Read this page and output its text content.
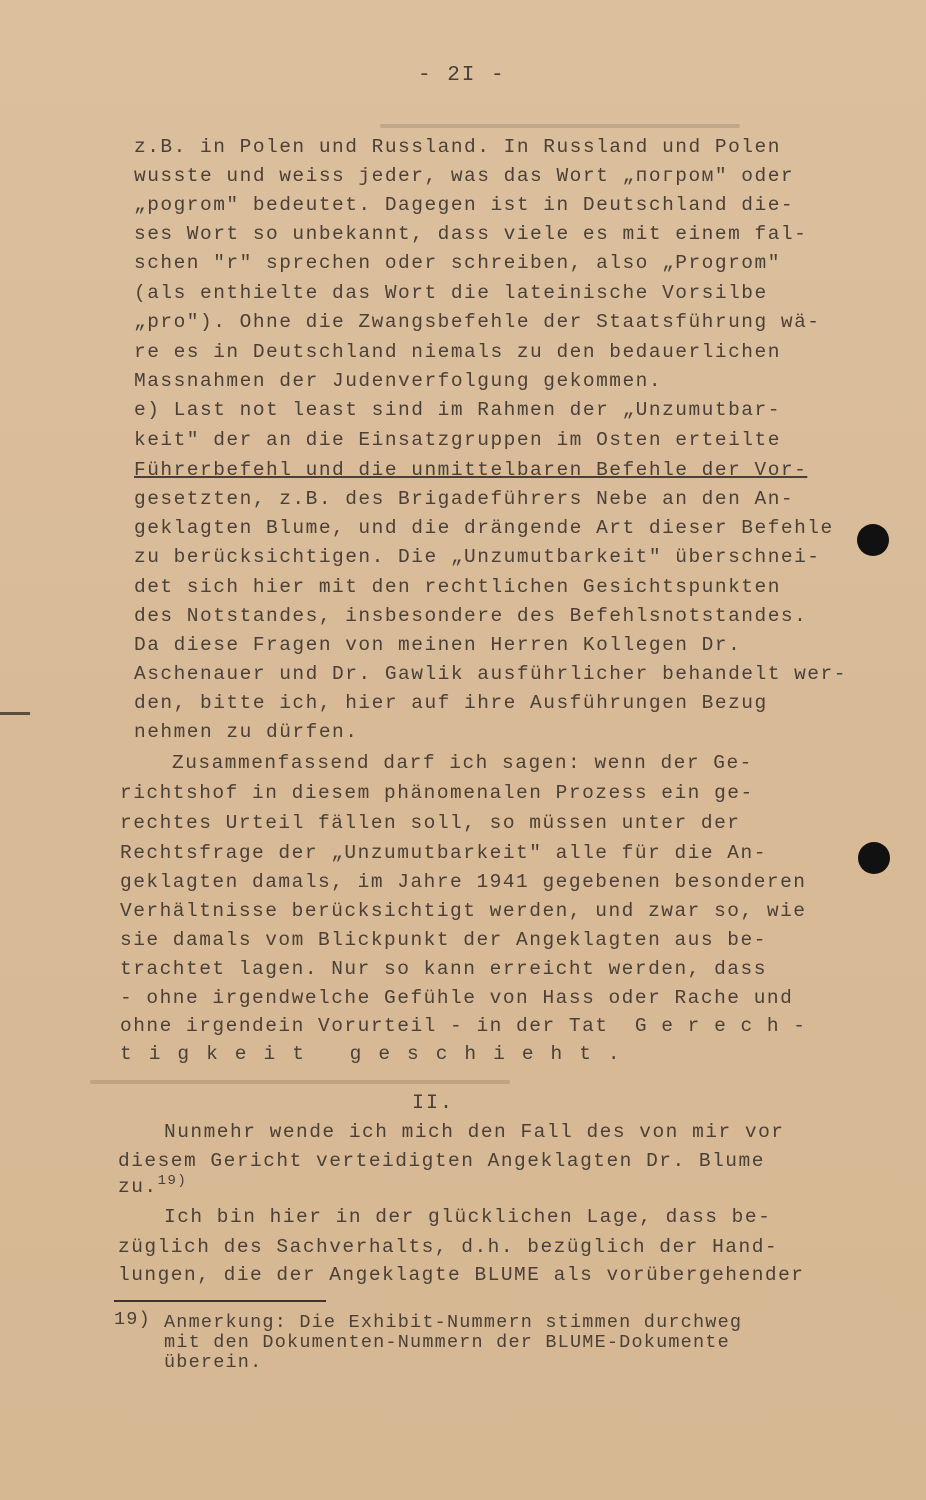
- 2I -
z.B. in Polen und Russland. In Russland und Polen
wusste und weiss jeder, was das Wort „погром" oder
„pogrom" bedeutet. Dagegen ist in Deutschland die-
ses Wort so unbekannt, dass viele es mit einem fal-
schen "r" sprechen oder schreiben, also „Progrom"
(als enthielte das Wort die lateinische Vorsilbe
„pro"). Ohne die Zwangsbefehle der Staatsführung wä-
re es in Deutschland niemals zu den bedauerlichen
Massnahmen der Judenverfolgung gekommen.
e) Last not least sind im Rahmen der „Unzumutbar-
keit" der an die Einsatzgruppen im Osten erteilte
Führerbefehl und die unmittelbaren Befehle der Vor-
gesetzten, z.B. des Brigadeführers Nebe an den An-
geklagten Blume, und die drängende Art dieser Befehle
zu berücksichtigen. Die „Unzumutbarkeit" überschnei-
det sich hier mit den rechtlichen Gesichtspunkten
des Notstandes, insbesondere des Befehlsnotstandes.
Da diese Fragen von meinen Herren Kollegen Dr.
Aschenauer und Dr. Gawlik ausführlicher behandelt wer-
den, bitte ich, hier auf ihre Ausführungen Bezug
nehmen zu dürfen.
Zusammenfassend darf ich sagen: wenn der Ge-
richtshof in diesem phänomenalen Prozess ein ge-
rechtes Urteil fällen soll, so müssen unter der
Rechtsfrage der „Unzumutbarkeit" alle für die An-
geklagten damals, im Jahre 1941 gegebenen besonderen
Verhältnisse berücksichtigt werden, und zwar so, wie
sie damals vom Blickpunkt der Angeklagten aus be-
trachtet lagen. Nur so kann erreicht werden, dass
- ohne irgendwelche Gefühle von Hass oder Rache und
ohne irgendein Vorurteil - in der Tat  G e r e c h -
tigkeit geschieht.
II.
Nunmehr wende ich mich den Fall des von mir vor
diesem Gericht verteidigten Angeklagten Dr. Blume
zu.$^{19)}$
Ich bin hier in der glücklichen Lage, dass be-
züglich des Sachverhalts, d.h. bezüglich der Hand-
lungen, die der Angeklagte BLUME als vorübergehender
19) Anmerkung: Die Exhibit-Nummern stimmen durchweg
mit den Dokumenten-Nummern der BLUME-Dokumente
überein.
